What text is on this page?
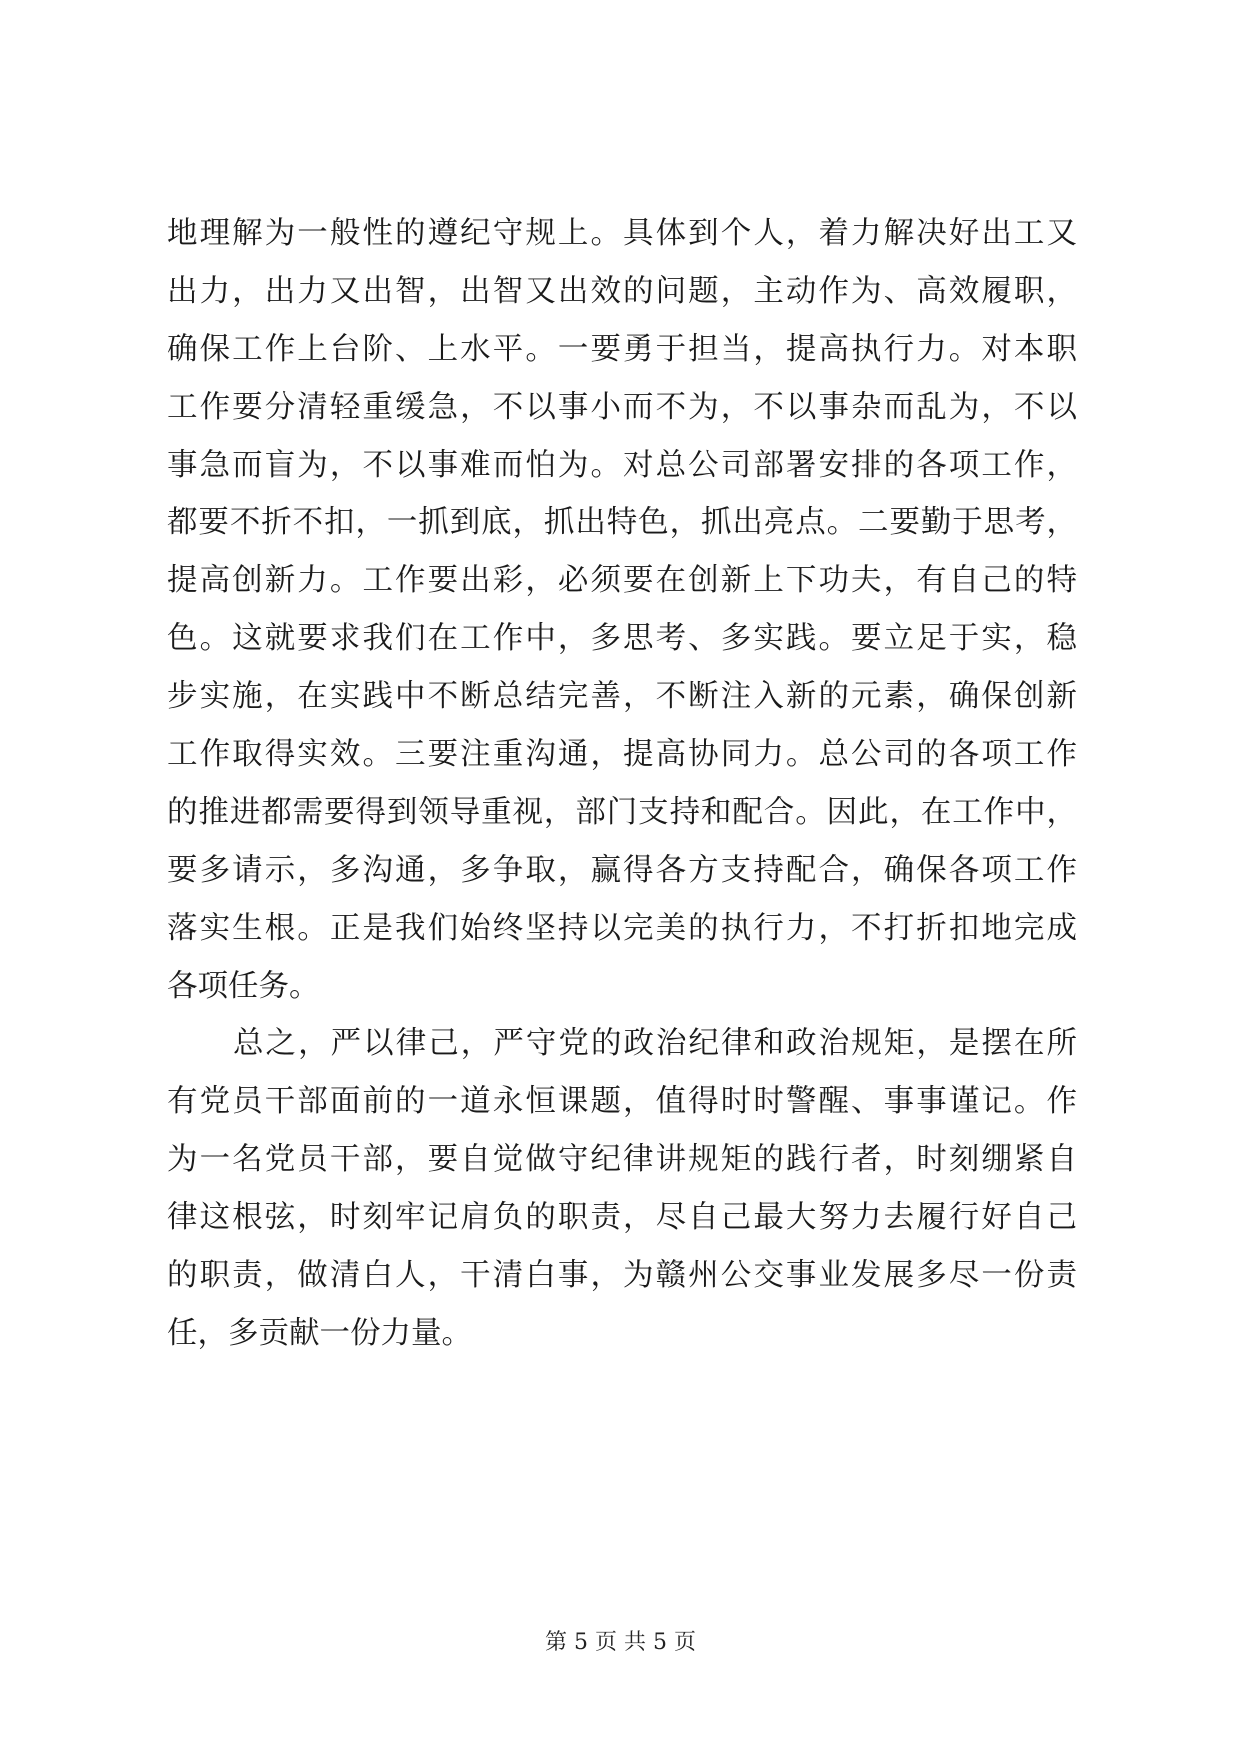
地理解为一般性的遵纪守规上。具体到个人，着力解决好出工又
出力，出力又出智，出智又出效的问题，主动作为、高效履职，
确保工作上台阶、上水平。一要勇于担当，提高执行力。对本职
工作要分清轻重缓急，不以事小而不为，不以事杂而乱为，不以
事急而盲为，不以事难而怕为。对总公司部署安排的各项工作，
都要不折不扣，一抓到底，抓出特色，抓出亮点。二要勤于思考，
提高创新力。工作要出彩，必须要在创新上下功夫，有自己的特
色。这就要求我们在工作中，多思考、多实践。要立足于实，稳
步实施，在实践中不断总结完善，不断注入新的元素，确保创新
工作取得实效。三要注重沟通，提高协同力。总公司的各项工作
的推进都需要得到领导重视，部门支持和配合。因此，在工作中，
要多请示，多沟通，多争取，赢得各方支持配合，确保各项工作
落实生根。正是我们始终坚持以完美的执行力，不打折扣地完成
各项任务。
总之，严以律己，严守党的政治纪律和政治规矩，是摆在所
有党员干部面前的一道永恒课题，值得时时警醒、事事谨记。作
为一名党员干部，要自觉做守纪律讲规矩的践行者，时刻绷紧自
律这根弦，时刻牢记肩负的职责，尽自己最大努力去履行好自己
的职责，做清白人，干清白事，为赣州公交事业发展多尽一份责
任，多贡献一份力量。
第 5 页 共 5 页
